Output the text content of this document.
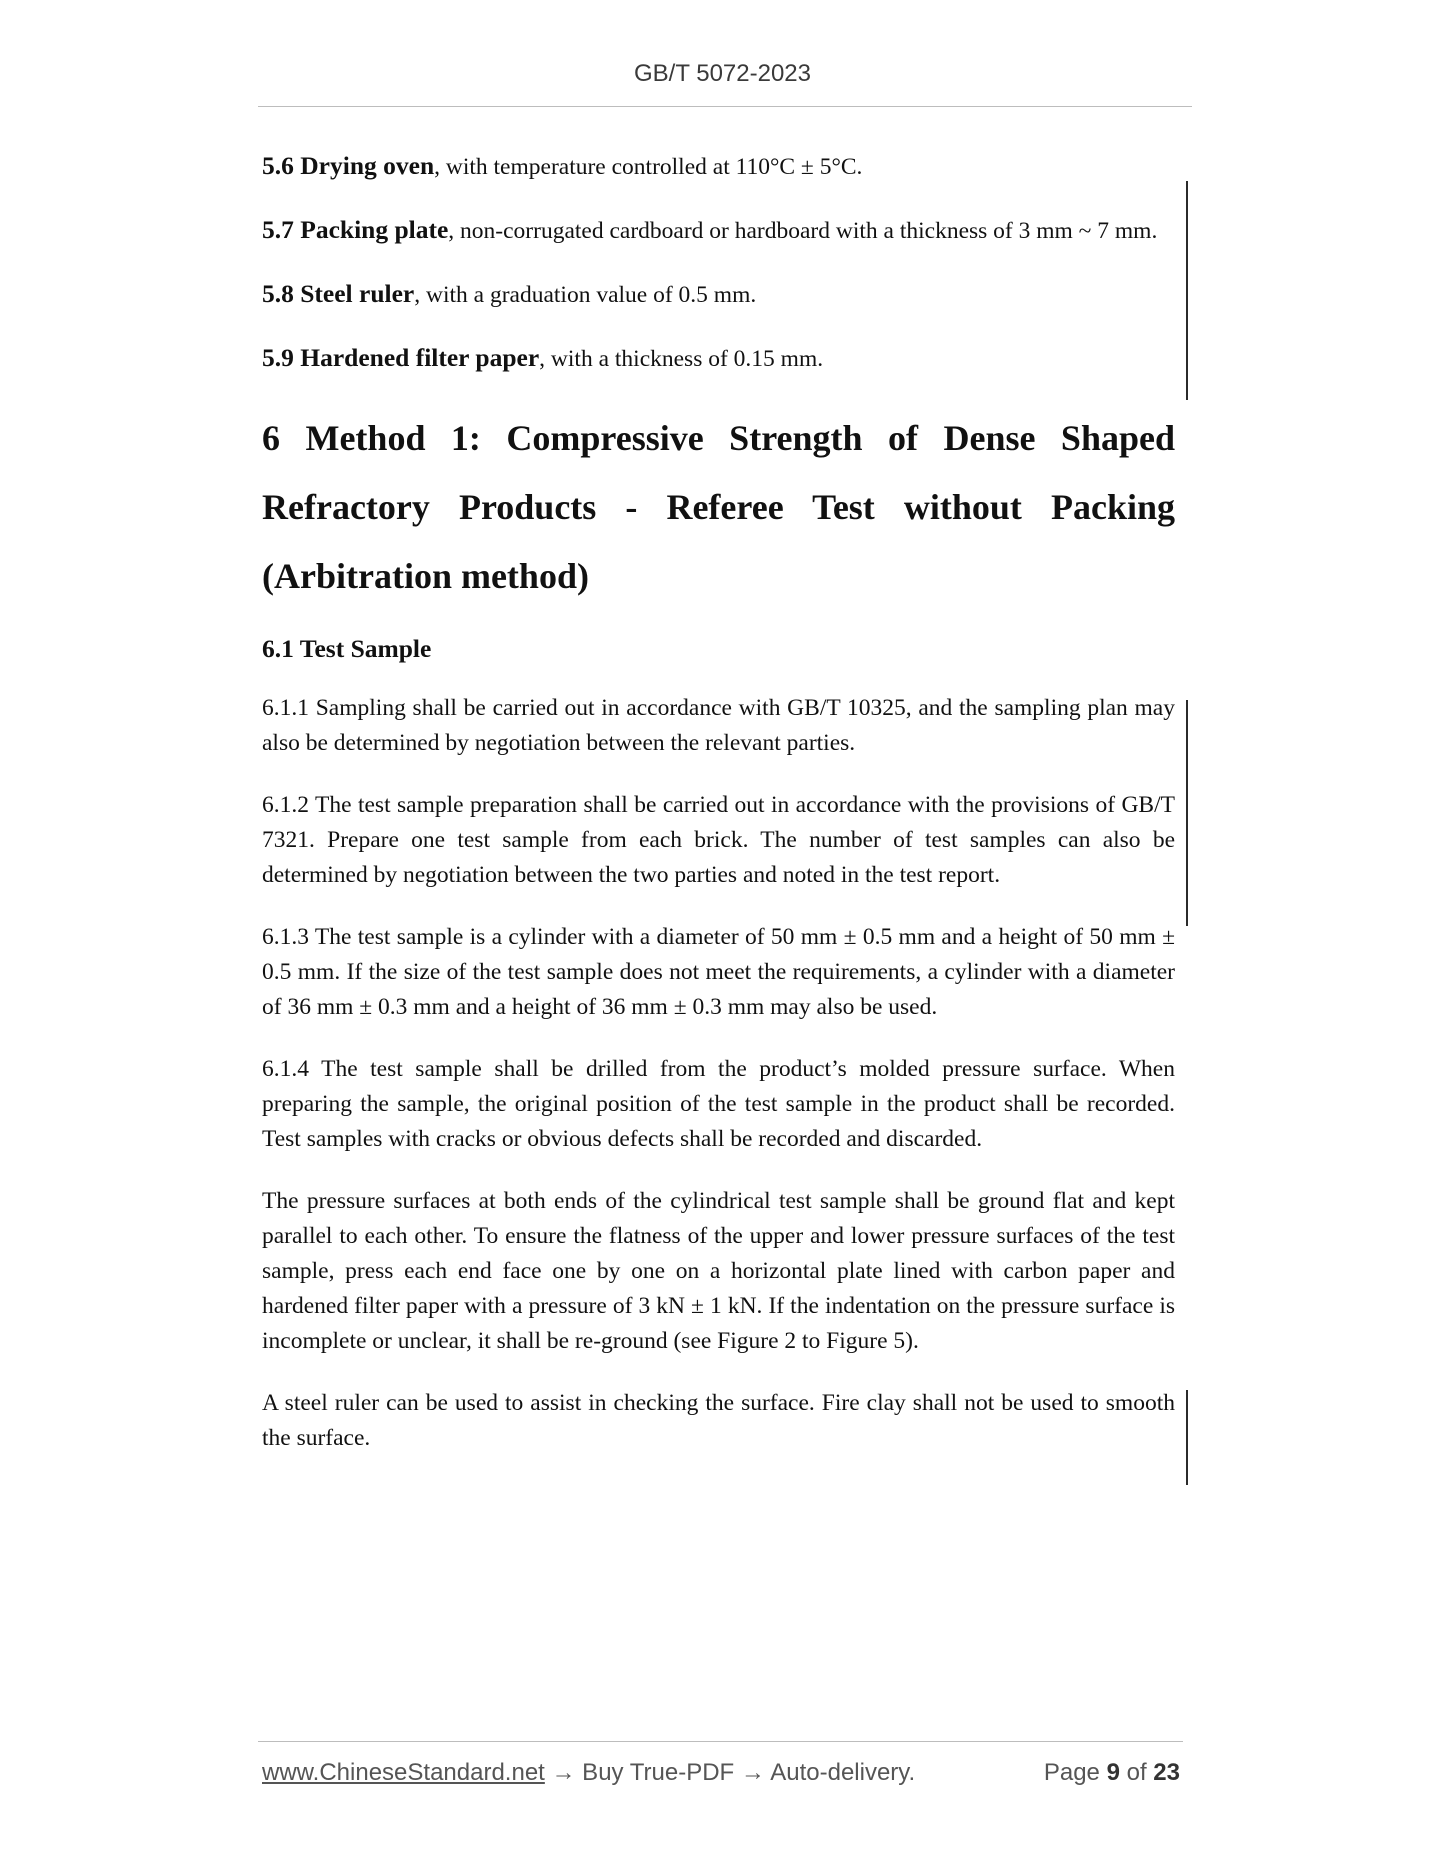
GB/T 5072-2023

5.6 Drying oven, with temperature controlled at 110°C ± 5°C.

5.7 Packing plate, non-corrugated cardboard or hardboard with a thickness of 3 mm ~ 7 mm.

5.8 Steel ruler, with a graduation value of 0.5 mm.

5.9 Hardened filter paper, with a thickness of 0.15 mm.

6 Method 1: Compressive Strength of Dense Shaped Refractory Products - Referee Test without Packing (Arbitration method)
6.1 Test Sample

6.1.1 Sampling shall be carried out in accordance with GB/T 10325, and the sampling plan may also be determined by negotiation between the relevant parties.

6.1.2 The test sample preparation shall be carried out in accordance with the provisions of GB/T 7321. Prepare one test sample from each brick. The number of test samples can also be determined by negotiation between the two parties and noted in the test report.

6.1.3 The test sample is a cylinder with a diameter of 50 mm ± 0.5 mm and a height of 50 mm ± 0.5 mm. If the size of the test sample does not meet the requirements, a cylinder with a diameter of 36 mm ± 0.3 mm and a height of 36 mm ± 0.3 mm may also be used.

6.1.4 The test sample shall be drilled from the product’s molded pressure surface. When preparing the sample, the original position of the test sample in the product shall be recorded. Test samples with cracks or obvious defects shall be recorded and discarded.

The pressure surfaces at both ends of the cylindrical test sample shall be ground flat and kept parallel to each other. To ensure the flatness of the upper and lower pressure surfaces of the test sample, press each end face one by one on a horizontal plate lined with carbon paper and hardened filter paper with a pressure of 3 kN ± 1 kN. If the indentation on the pressure surface is incomplete or unclear, it shall be re-ground (see Figure 2 to Figure 5).

A steel ruler can be used to assist in checking the surface. Fire clay shall not be used to smooth the surface.

www.ChineseStandard.net → Buy True-PDF → Auto-delivery.	Page 9 of 23
